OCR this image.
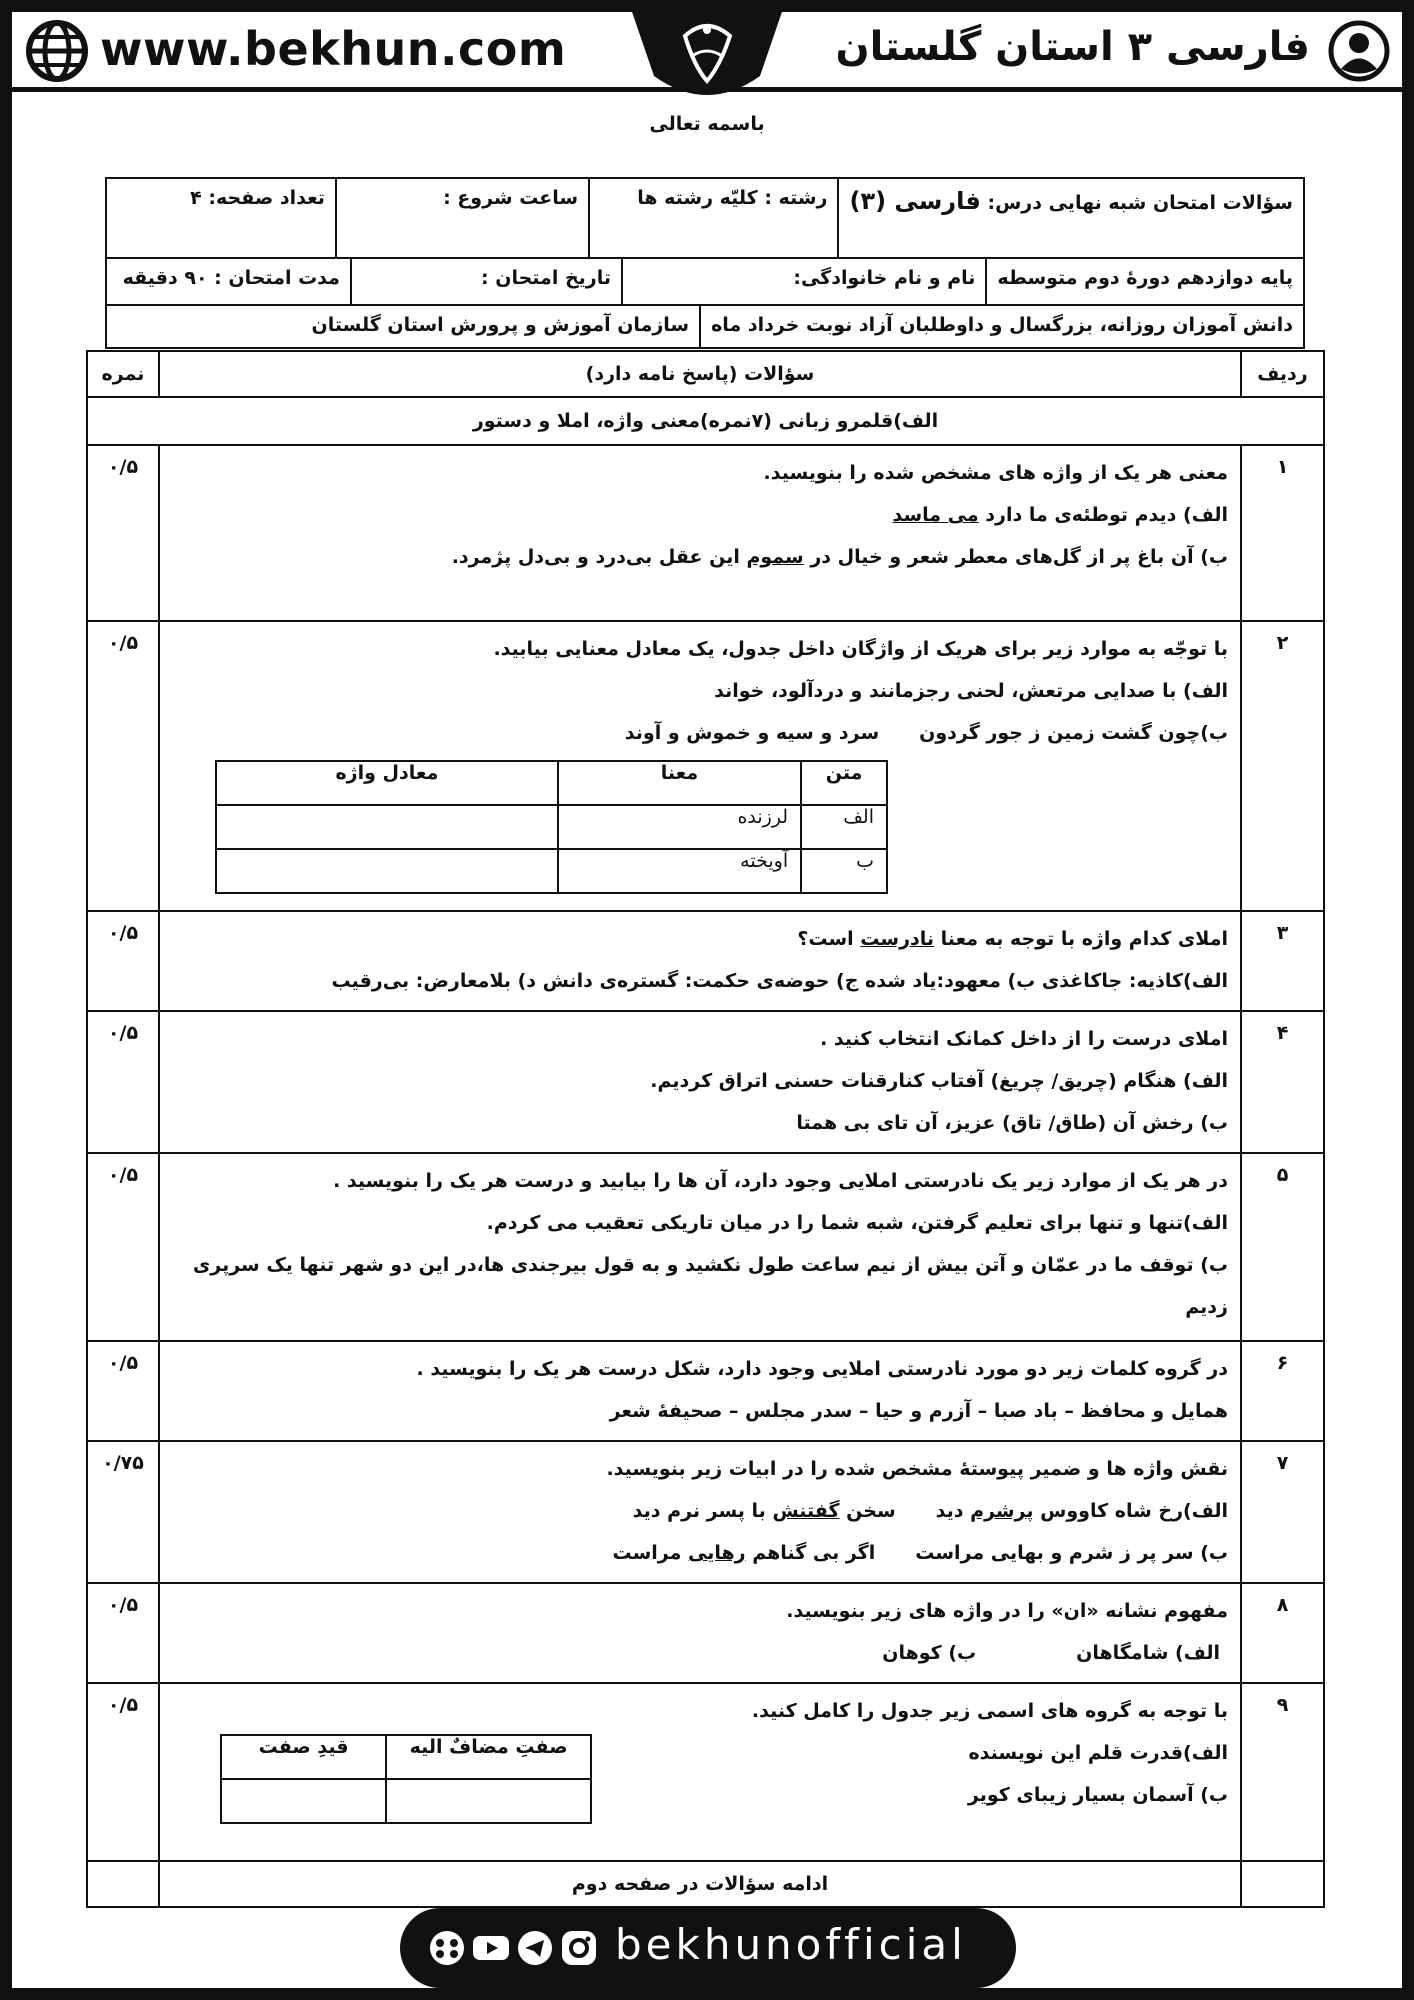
www.bekhun.com	فارسی ۳ استان گلستان
باسمه تعالی
سؤالات امتحان شبه نهایی درس: فارسی (۳)	رشته : کلیّه رشته ها	ساعت شروع :	تعداد صفحه: ۴
پایه دوازدهم دورۀ دوم متوسطه	نام و نام خانوادگی:	تاریخ امتحان :	مدت امتحان : ۹۰ دقیقه
دانش آموزان روزانه، بزرگسال و داوطلبان آزاد نوبت خرداد ماه	سازمان آموزش و پرورش استان گلستان
ردیف	سؤالات (پاسخ نامه دارد)	نمره
الف)قلمرو زبانی (۷نمره)معنی واژه، املا و دستور
۱	
معنی هر یک از واژه های مشخص شده را بنویسید.
الف) دیدم توطئه‌ی ما دارد می ماسد
ب) آن باغ پر از گل‌های معطر شعر و خیال در سموم این عقل بی‌درد و بی‌دل پژمرد.
	۰/۵
۲	
با توجّه به موارد زیر برای هریک از واژگان داخل جدول، یک معادل معنایی بیابید.
الف) با صدایی مرتعش، لحنی رجزمانند و دردآلود، خواند
ب)چون گشت زمین ز جور گردونسرد و سیه و خموش و آوند
متن	معنا	معادل واژه
الف	لرزنده	
ب	آویخته	
	۰/۵
۳	
املای کدام واژه با توجه به معنا نادرست است؟
الف)کاذیه: جاکاغذی ب) معهود:یاد شده ج) حوضه‌ی حکمت: گستره‌ی دانش د) بلامعارض: بی‌رقیب
	۰/۵
۴	
املای درست را از داخل کمانک انتخاب کنید .
الف) هنگام (چریق/ چریغ) آفتاب کنارقنات حسنی اتراق کردیم.
ب) رخش آن (طاق/ تاق) عزیز، آن تای بی همتا
	۰/۵
۵	
در هر یک از موارد زیر یک نادرستی املایی وجود دارد، آن ها را بیابید و درست هر یک را بنویسید .
الف)تنها و تنها برای تعلیم گرفتن، شبه شما را در میان تاریکی تعقیب می کردم.
ب) توقف ما در عمّان و آتن بیش از نیم ساعت طول نکشید و به قول بیرجندی ها،در این دو شهر تنها یک سرپری زدیم
	۰/۵
۶	
در گروه کلمات زیر دو مورد نادرستی املایی وجود دارد، شکل درست هر یک را بنویسید .
همایل و محافظ – باد صبا – آزرم و حیا – سدر مجلس – صحیفۀ شعر
	۰/۵
۷	
نقش واژه ها و ضمیر پیوستۀ مشخص شده را در ابیات زیر بنویسید.
الف)رخ شاه کاووس پرشرم دیدسخن گفتنش با پسر نرم دید
ب) سر پر ز شرم و بهایی مراستاگر بی گناهم رهایی مراست
	۰/۷۵
۸	
مفهوم نشانه «ان» را در واژه های زیر بنویسید.
الف) شامگاهانب) کوهان
	۰/۵
۹	
با توجه به گروه های اسمی زیر جدول را کامل کنید.
الف)قدرت قلم این نویسنده
ب) آسمان بسیار زیبای کویر
صفتِ مضافٌ الیه	قیدِ صفت

	۰/۵
	ادامه سؤالات در صفحه دوم	
bekhunofficial
